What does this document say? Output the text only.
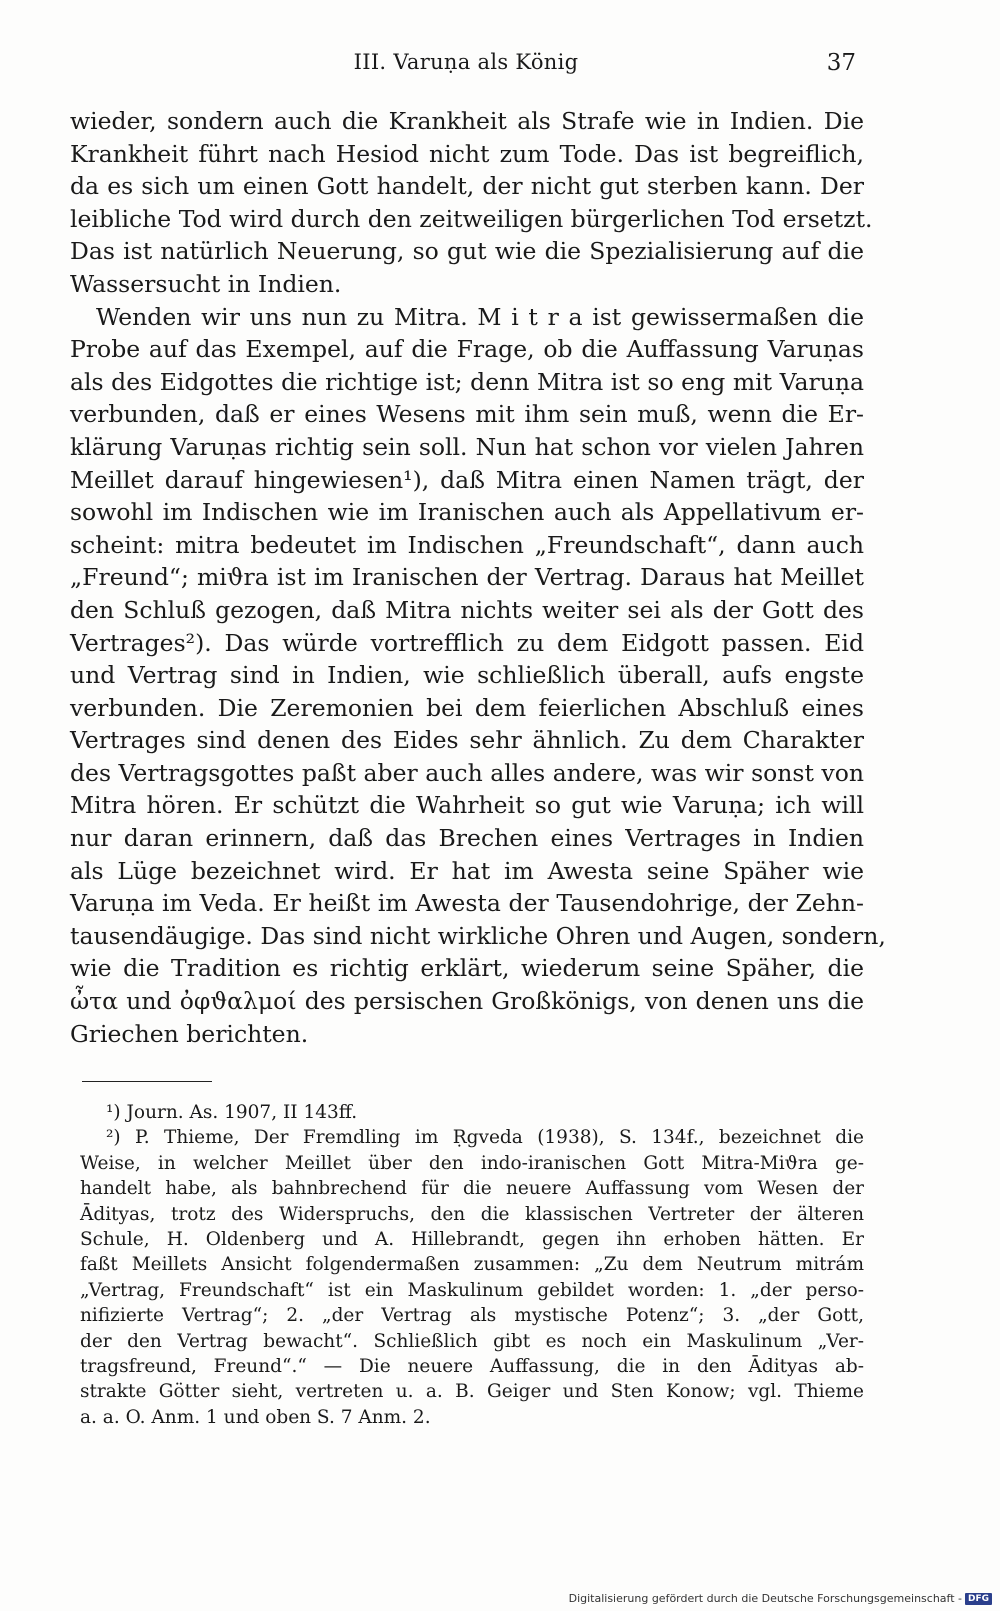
III. Varuṇa als König	37

wieder, sondern auch die Krankheit als Strafe wie in Indien. Die
Krankheit führt nach Hesiod nicht zum Tode. Das ist begreiflich,
da es sich um einen Gott handelt, der nicht gut sterben kann. Der
leibliche Tod wird durch den zeitweiligen bürgerlichen Tod ersetzt.
Das ist natürlich Neuerung, so gut wie die Spezialisierung auf die
Wassersucht in Indien.

Wenden wir uns nun zu Mitra. M i t r a ist gewissermaßen die
Probe auf das Exempel, auf die Frage, ob die Auffassung Varuṇas
als des Eidgottes die richtige ist; denn Mitra ist so eng mit Varuṇa
verbunden, daß er eines Wesens mit ihm sein muß, wenn die Er-
klärung Varuṇas richtig sein soll. Nun hat schon vor vielen Jahren
Meillet darauf hingewiesen¹), daß Mitra einen Namen trägt, der
sowohl im Indischen wie im Iranischen auch als Appellativum er-
scheint: mitra bedeutet im Indischen „Freundschaft“, dann auch
„Freund“; miϑra ist im Iranischen der Vertrag. Daraus hat Meillet
den Schluß gezogen, daß Mitra nichts weiter sei als der Gott des
Vertrages²). Das würde vortrefflich zu dem Eidgott passen. Eid
und Vertrag sind in Indien, wie schließlich überall, aufs engste
verbunden. Die Zeremonien bei dem feierlichen Abschluß eines
Vertrages sind denen des Eides sehr ähnlich. Zu dem Charakter
des Vertragsgottes paßt aber auch alles andere, was wir sonst von
Mitra hören. Er schützt die Wahrheit so gut wie Varuṇa; ich will
nur daran erinnern, daß das Brechen eines Vertrages in Indien
als Lüge bezeichnet wird. Er hat im Awesta seine Späher wie
Varuṇa im Veda. Er heißt im Awesta der Tausendohrige, der Zehn-
tausendäugige. Das sind nicht wirkliche Ohren und Augen, sondern,
wie die Tradition es richtig erklärt, wiederum seine Späher, die
ὦτα und ὀφϑαλμοί des persischen Großkönigs, von denen uns die
Griechen berichten.

¹) Journ. As. 1907, II 143ff.
²) P. Thieme, Der Fremdling im Ṛgveda (1938), S. 134f., bezeichnet die
Weise, in welcher Meillet über den indo-iranischen Gott Mitra-Miϑra ge-
handelt habe, als bahnbrechend für die neuere Auffassung vom Wesen der
Ādityas, trotz des Widerspruchs, den die klassischen Vertreter der älteren
Schule, H. Oldenberg und A. Hillebrandt, gegen ihn erhoben hätten. Er
faßt Meillets Ansicht folgendermaßen zusammen: „Zu dem Neutrum mitrám
„Vertrag, Freundschaft“ ist ein Maskulinum gebildet worden: 1. „der perso-
nifizierte Vertrag“; 2. „der Vertrag als mystische Potenz“; 3. „der Gott,
der den Vertrag bewacht“. Schließlich gibt es noch ein Maskulinum „Ver-
tragsfreund, Freund“.“ — Die neuere Auffassung, die in den Ādityas ab-
strakte Götter sieht, vertreten u. a. B. Geiger und Sten Konow; vgl. Thieme
a. a. O. Anm. 1 und oben S. 7 Anm. 2.
Digitalisierung gefördert durch die Deutsche Forschungsgemeinschaft - DFG
